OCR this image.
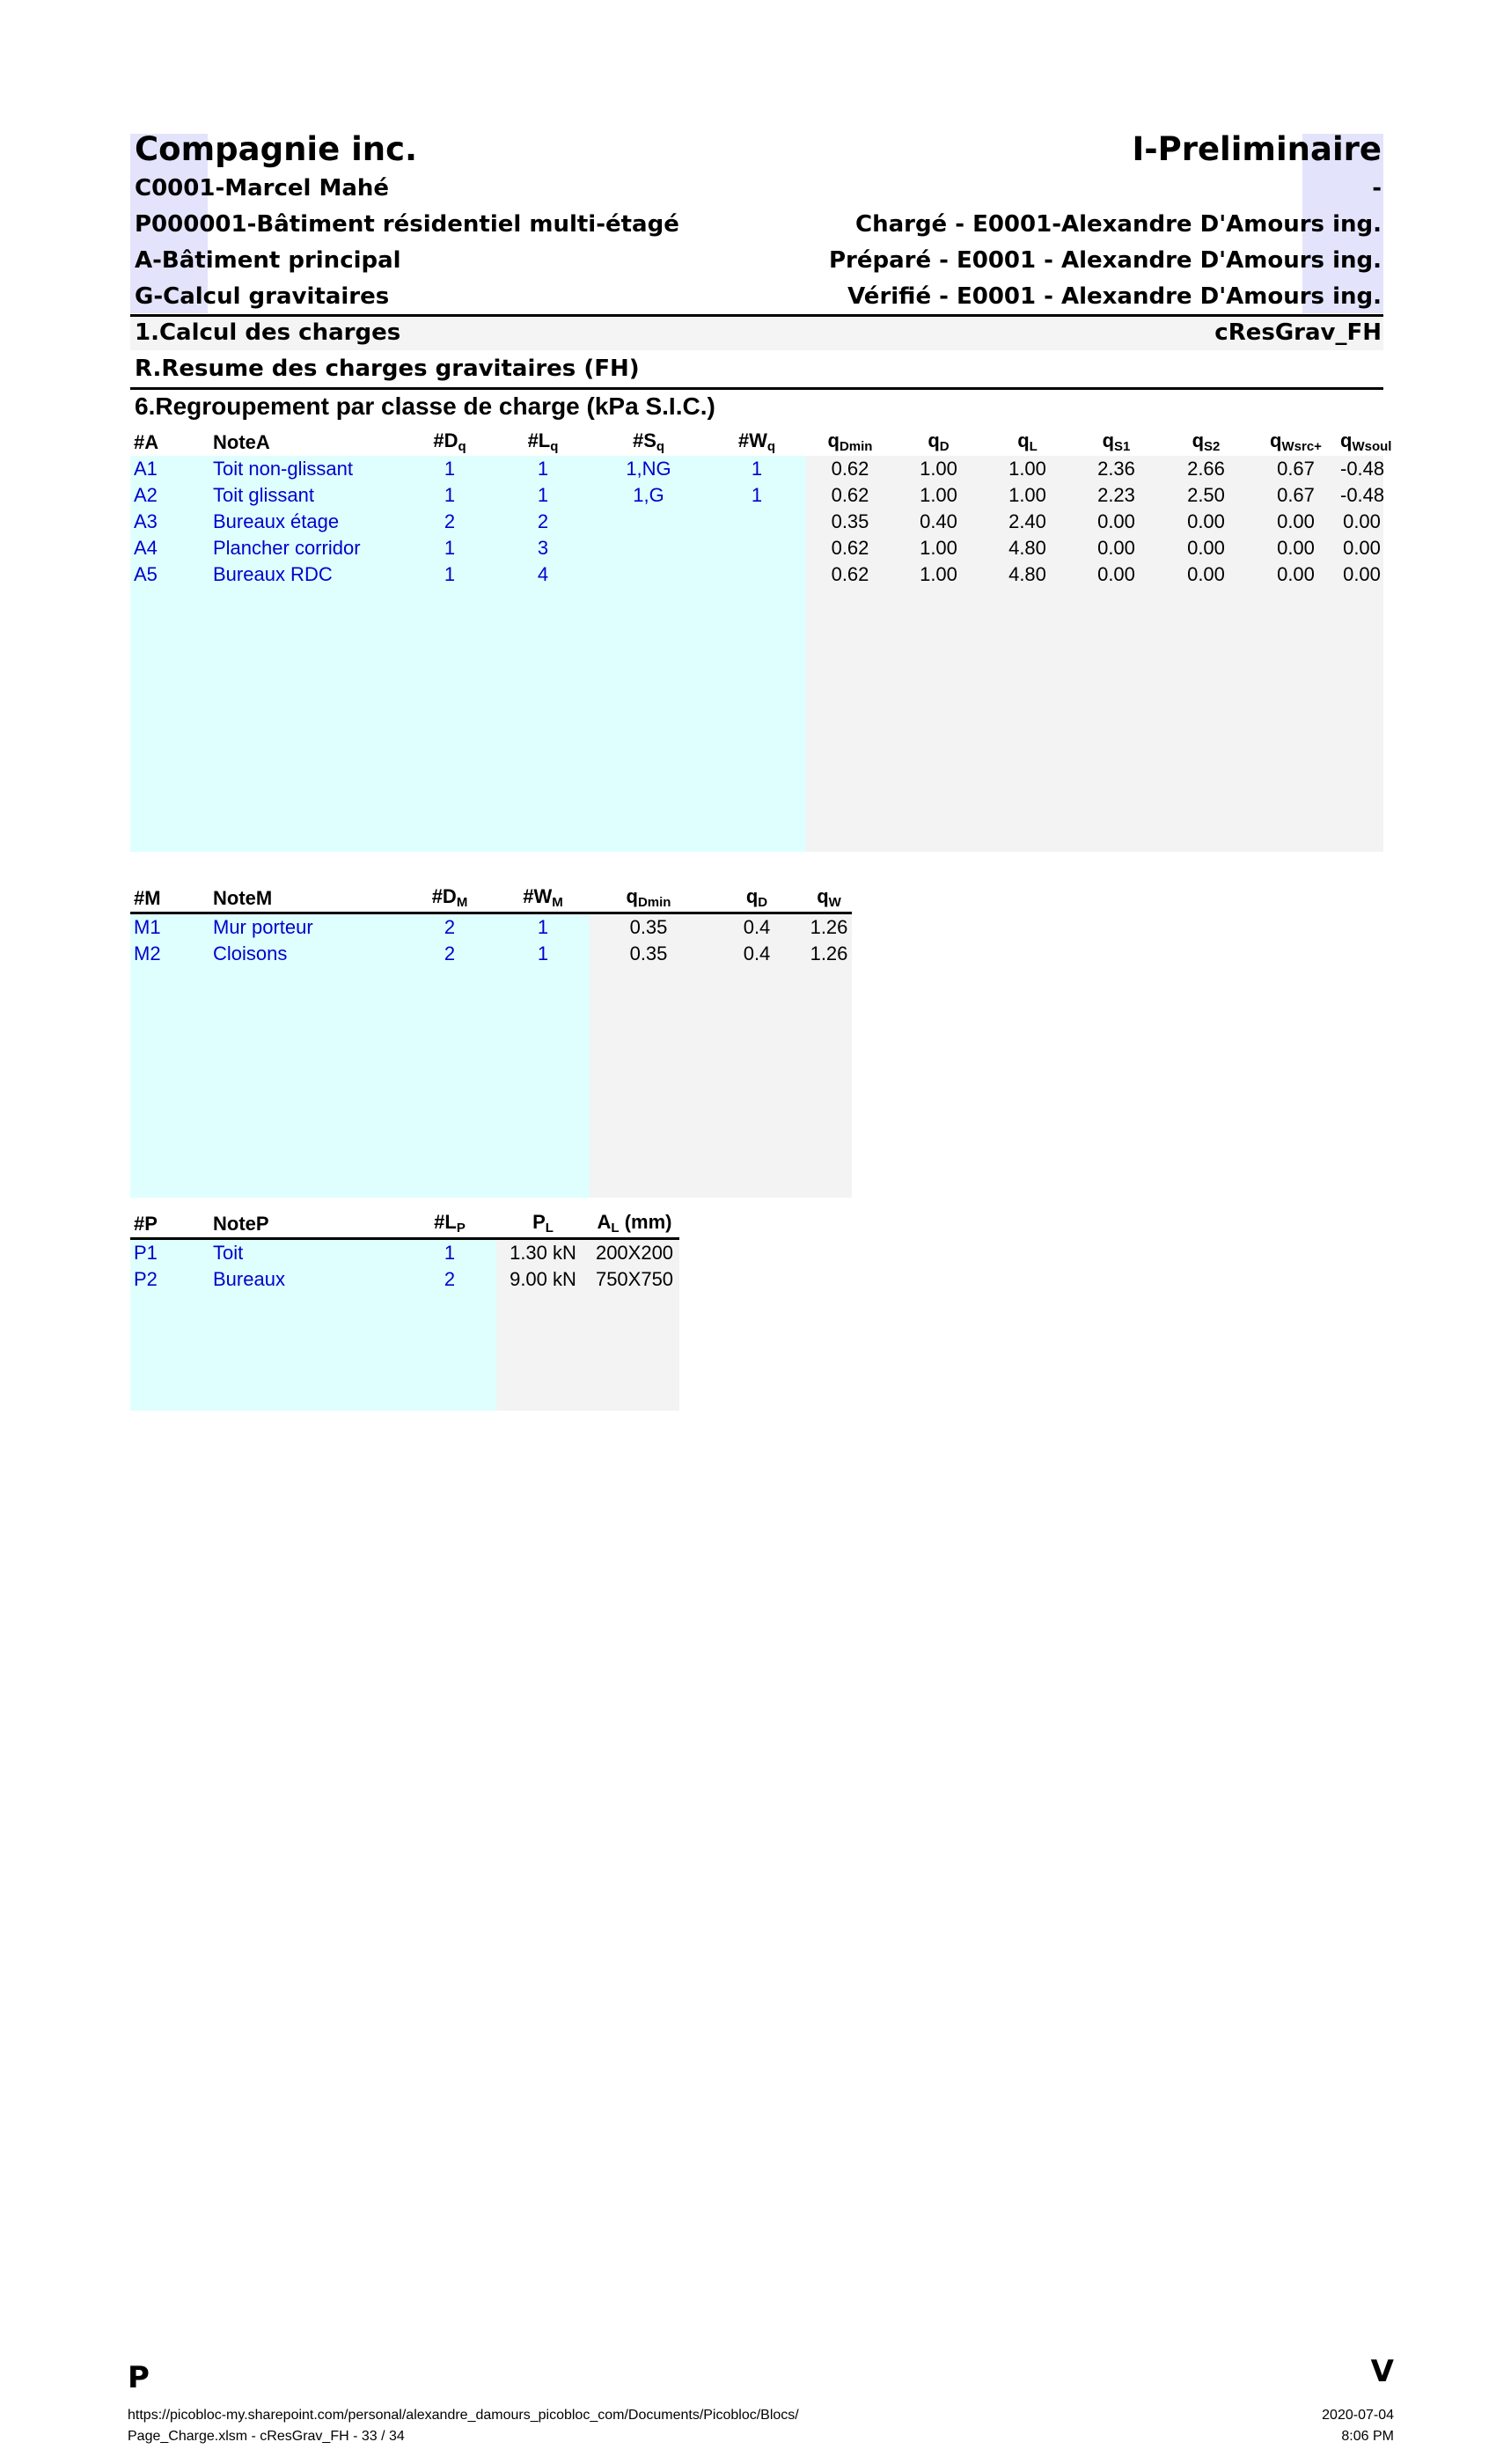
Compagnie inc.	I-Preliminaire
C0001-Marcel Mahé	-
P000001-Bâtiment résidentiel multi-étagé	Chargé - E0001-Alexandre D'Amours ing.
A-Bâtiment principal	Préparé - E0001 - Alexandre D'Amours ing.
G-Calcul gravitaires	Vérifié - E0001 - Alexandre D'Amours ing.
1.Calcul des charges	cResGrav_FH
R.Resume des charges gravitaires (FH)
6.Regroupement par classe de charge (kPa S.I.C.)
#A	NoteA	$\#D_q$	$\#L_q$	$\#S_q$	$\#W_q$	$q_{Dmin}$	$q_D$	$q_L$	$q_{S1}$	$q_{S2}$	$q_{Wsrc+}$	$q_{Wsoul}$
A1	Toit non-glissant	1	1	1,NG	1	0.62	1.00	1.00	2.36	2.66	0.67	-0.48
A2	Toit glissant	1	1	1,G	1	0.62	1.00	1.00	2.23	2.50	0.67	-0.48
A3	Bureaux étage	2	2			0.35	0.40	2.40	0.00	0.00	0.00	0.00
A4	Plancher corridor	1	3			0.62	1.00	4.80	0.00	0.00	0.00	0.00
A5	Bureaux RDC	1	4			0.62	1.00	4.80	0.00	0.00	0.00	0.00

#M	NoteM	$\#D_M$	$\#W_M$	$q_{Dmin}$	$q_D$	$q_W$
M1	Mur porteur	2	1	0.35	0.4	1.26
M2	Cloisons	2	1	0.35	0.4	1.26

#P	NoteP	$\#L_P$	$P_L$	$A_L$ (mm)
P1	Toit	1	1.30 kN	200X200
P2	Bureaux	2	9.00 kN	750X750

P	V
https://picobloc-my.sharepoint.com/personal/alexandre_damours_picobloc_com/Documents/Picobloc/Blocs/
Page_Charge.xlsm - cResGrav_FH - 33 / 34
2020-07-04
8:06 PM
